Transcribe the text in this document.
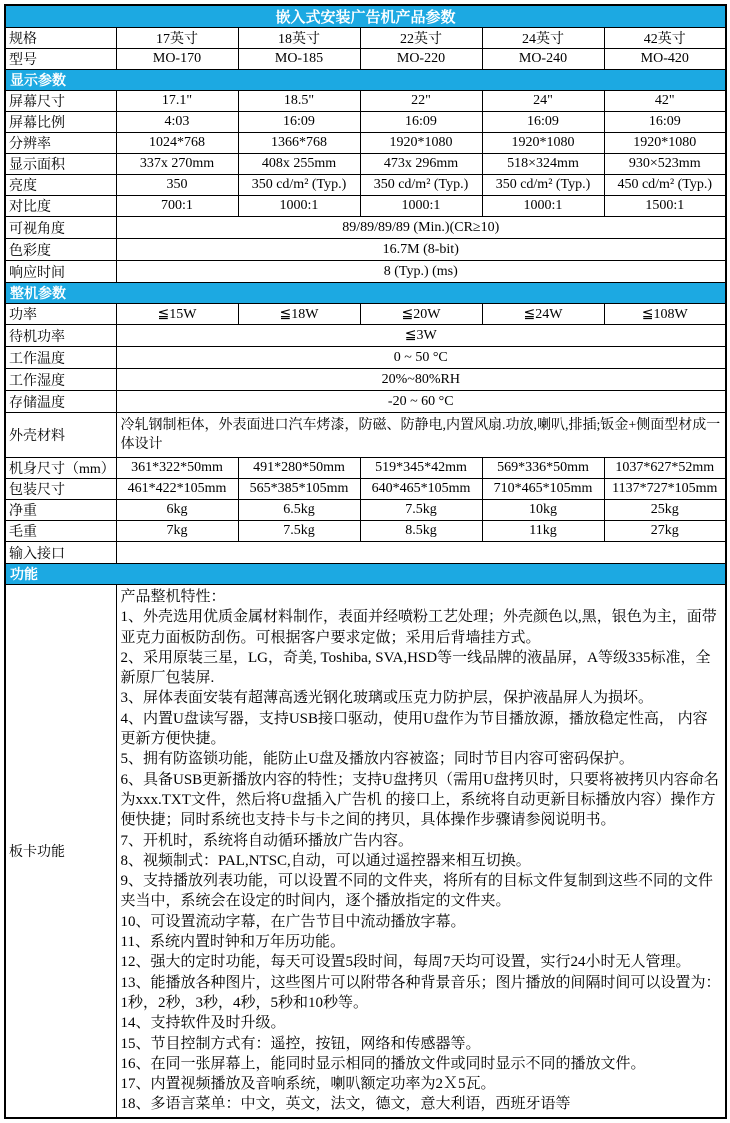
嵌入式安装广告机产品参数					
规格	17英寸	18英寸	22英寸	24英寸	42英寸
型号	MO-170	MO-185	MO-220	MO-240	MO-420
显示参数					
屏幕尺寸	17.1"	18.5"	22"	24"	42"
屏幕比例	4:03	16:09	16:09	16:09	16:09
分辨率	1024*768	1366*768	1920*1080	1920*1080	1920*1080
显示面积	337x 270mm	408x 255mm	473x 296mm	518×324mm	930×523mm
亮度	350	350 cd/m² (Typ.)	350 cd/m² (Typ.)	350 cd/m² (Typ.)	450 cd/m² (Typ.)
对比度	700:1	1000:1	1000:1	1000:1	1500:1
可视角度	89/89/89/89 (Min.)(CR≥10)				
色彩度	16.7M (8-bit)				
响应时间	8 (Typ.) (ms)				
整机参数					
功率	≦15W	≦18W	≦20W	≦24W	≦108W
待机功率	≦3W				
工作温度	0 ~ 50 °C				
工作湿度	20%~80%RH				
存储温度	-20 ~ 60 °C				
外壳材料	冷轧钢制柜体，外表面进口汽车烤漆，防磁、防静电,内置风扇.功放,喇叭,排插;钣金+侧面型材成一体设计				
机身尺寸（mm）	361*322*50mm	491*280*50mm	519*345*42mm	569*336*50mm	1037*627*52mm
包装尺寸	461*422*105mm	565*385*105mm	640*465*105mm	710*465*105mm	1137*727*105mm
净重	6kg	6.5kg	7.5kg	10kg	25kg
毛重	7kg	7.5kg	8.5kg	11kg	27kg
输入接口					
功能					
板卡功能	
产品整机特性：
1、外壳选用优质金属材料制作，表面并经喷粉工艺处理；外壳颜色以,黑，银色为主，面带亚克力面板防刮伤。可根据客户要求定做；采用后背墙挂方式。
2、采用原装三星，LG，奇美, Toshiba, SVA,HSD等一线品牌的液晶屏，A等级335标准，全新原厂包装屏.
3、屏体表面安装有超薄高透光钢化玻璃或压克力防护层，保护液晶屏人为损坏。
4、内置U盘读写器，支持USB接口驱动，使用U盘作为节目播放源，播放稳定性高， 内容更新方便快捷。
5、拥有防盗锁功能，能防止U盘及播放内容被盗；同时节目内容可密码保护。
6、具备USB更新播放内容的特性；支持U盘拷贝（需用U盘拷贝时，只要将被拷贝内容命名为xxx.TXT文件，然后将U盘插入广告机 的接口上，系统将自动更新目标播放内容）操作方便快捷；同时系统也支持卡与卡之间的拷贝，具体操作步骤请参阅说明书。
7、开机时，系统将自动循环播放广告内容。
8、视频制式：PAL,NTSC,自动，可以通过遥控器来相互切换。
9、支持播放列表功能，可以设置不同的文件夹，将所有的目标文件复制到这些不同的文件夹当中，系统会在设定的时间内，逐个播放指定的文件夹。
10、可设置流动字幕，在广告节目中流动播放字幕。
11、系统内置时钟和万年历功能。
12、强大的定时功能，每天可设置5段时间，每周7天均可设置，实行24小时无人管理。
13、能播放各种图片，这些图片可以附带各种背景音乐；图片播放的间隔时间可以设置为：1秒，2秒，3秒，4秒，5秒和10秒等。
14、支持软件及时升级。
15、节目控制方式有：遥控，按钮，网络和传感器等。
16、在同一张屏幕上，能同时显示相同的播放文件或同时显示不同的播放文件。
17、内置视频播放及音响系统，喇叭额定功率为2Ｘ5瓦。
18、多语言菜单：中文，英文，法文，德文，意大利语，西班牙语等
